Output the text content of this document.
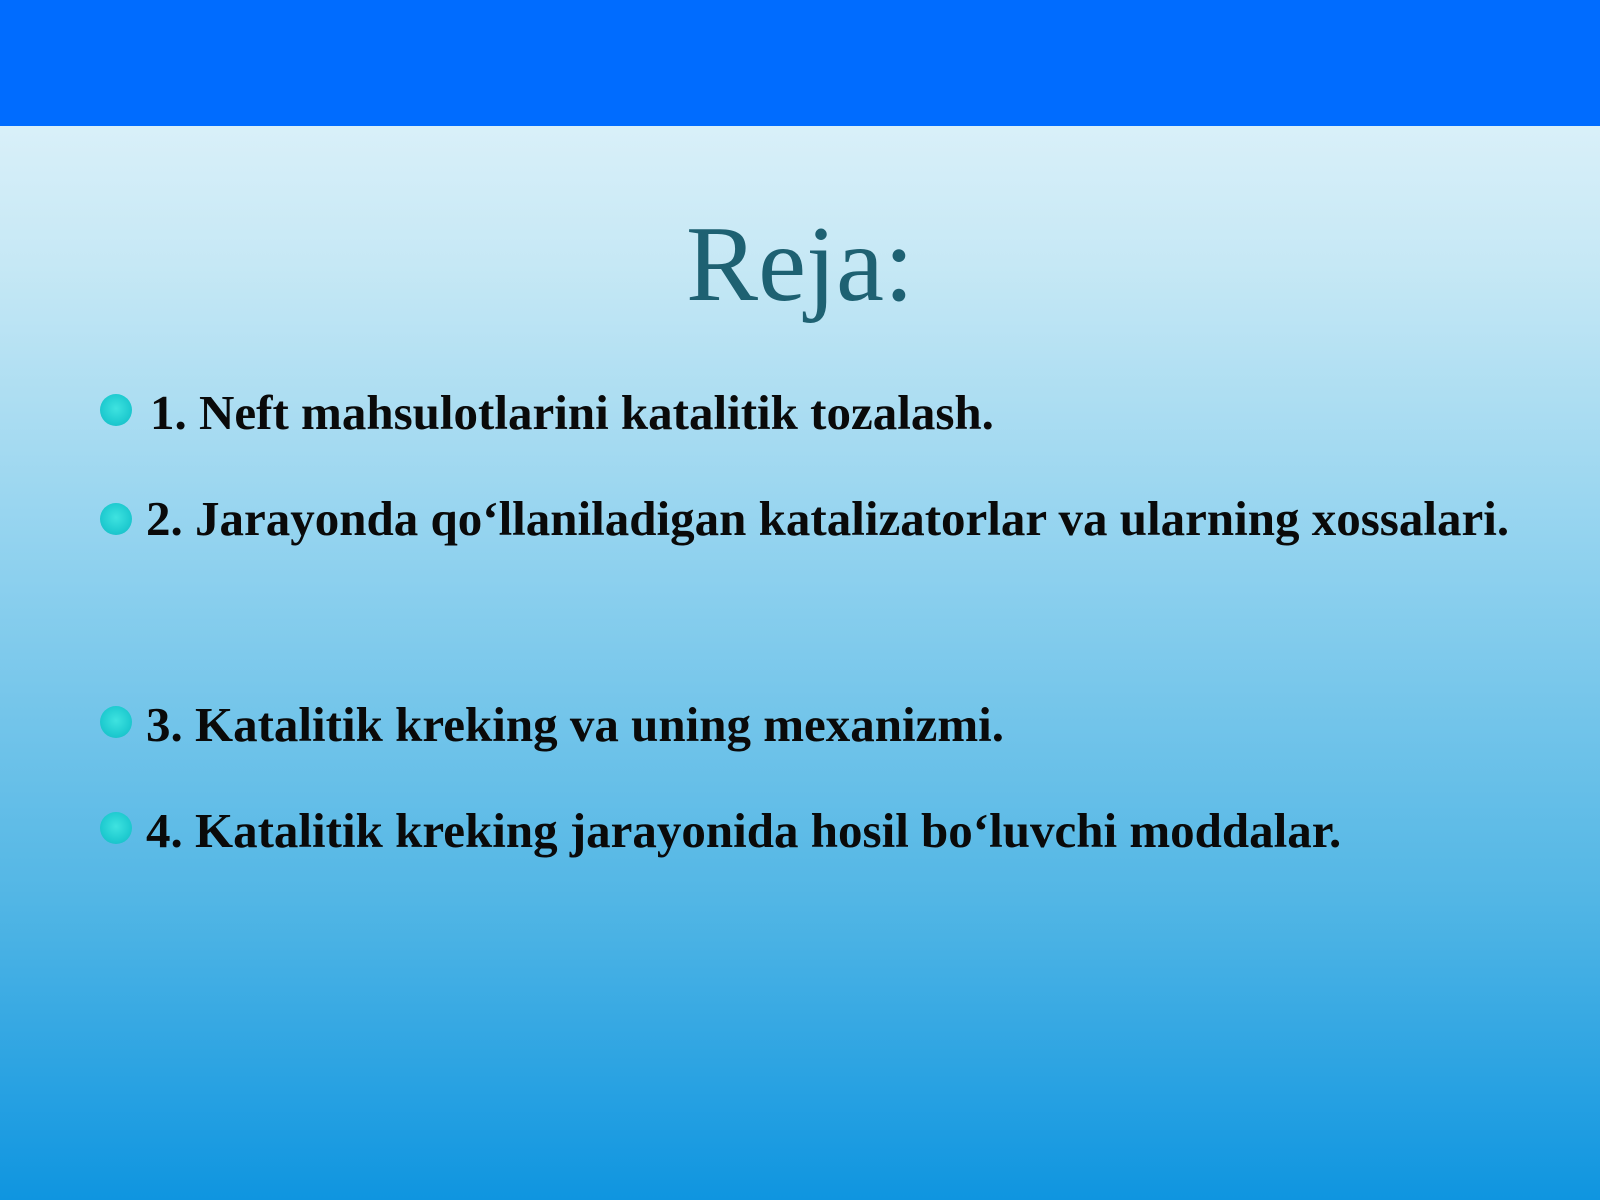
Reja:
1. Neft mahsulotlarini katalitik tozalash.
2. Jarayonda qo‘llaniladigan katalizatorlar va ularning xossalari.
3. Katalitik kreking va uning mexanizmi.
4. Katalitik kreking jarayonida hosil bo‘luvchi moddalar.
